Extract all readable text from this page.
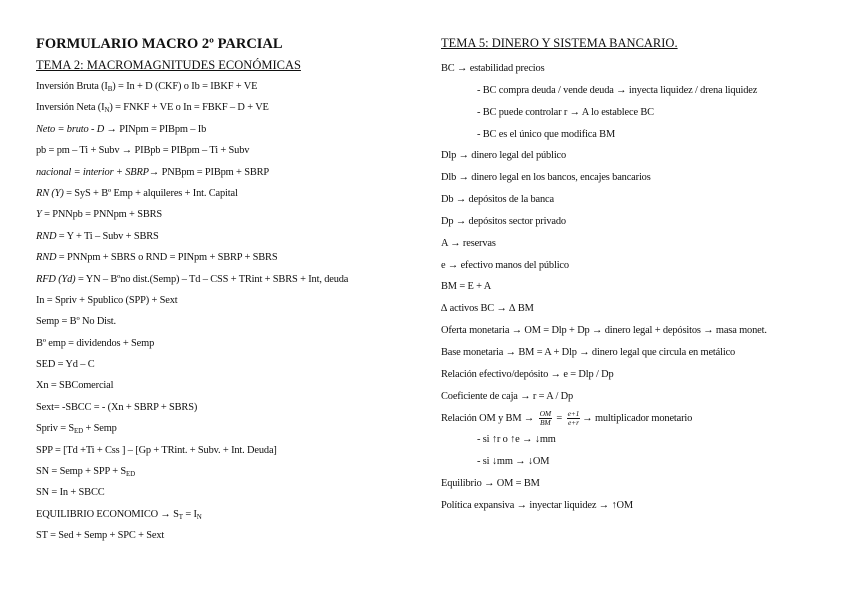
FORMULARIO MACRO 2º PARCIAL
TEMA 2: MACROMAGNITUDES ECONÓMICAS
Inversión Bruta $(I_B) = In + D$ (CKF) o Ib = IBKF + VE
Inversión Neta $(I_N)$ = FNKF + VE o In = FBKF – D + VE
Neto = bruto - D → PINpm = PIBpm – Ib
pb = pm – Ti + Subv → PIBpb = PIBpm – Ti + Subv
nacional = interior + SBRP→ PNBpm = PIBpm + SBRP
RN (Y) = SyS + Bº Emp + alquileres + Int. Capital
Y = PNNpb = PNNpm + SBRS
RND = Y + Ti – Subv + SBRS
RND = PNNpm + SBRS o RND = PINpm + SBRP + SBRS
RFD (Yd) = YN – Bºno dist.(Semp) – Td – CSS + TRint + SBRS + Int, deuda
In = Spriv + Spublico (SPP) + Sext
Semp = Bº No Dist.
Bº emp = dividendos + Semp
SED = Yd – C
Xn = SBComercial
Sext= -SBCC = - (Xn + SBRP + SBRS)
Spriv = $S_{ED}$ + Semp
SPP = [Td +Ti + Css ] – [Gp + TRint. + Subv. + Int. Deuda]
SN = Semp + SPP + $S_{ED}$
SN = In + SBCC
EQUILIBRIO ECONOMICO → $S_T = I_N$
ST = Sed + Semp + SPC + Sext
TEMA 5: DINERO Y SISTEMA BANCARIO.
BC → estabilidad precios
- BC compra deuda / vende deuda → inyecta liquidez / drena liquidez
- BC puede controlar r → A lo establece BC
- BC es el único que modifica BM
Dlp → dinero legal del público
Dlb → dinero legal en los bancos, encajes bancarios
Db → depósitos de la banca
Dp → depósitos sector privado
A → reservas
e → efectivo manos del público
BM = E + A
∆ activos BC → ∆ BM
Oferta monetaria → OM = Dlp + Dp → dinero legal + depósitos → masa monet.
Base monetaria → BM = A + Dlp → dinero legal que circula en metálico
Relación efectivo/depósito → e = Dlp / Dp
Coeficiente de caja → r = A / Dp
Relación OM y BM → $\frac{OM}{BM} = \frac{e+1}{e+r}$ → multiplicador monetario
- si ↑r o ↑e → ↓mm
- si ↓mm → ↓OM
Equilibrio → OM = BM
Política expansiva → inyectar liquidez → ↑OM
